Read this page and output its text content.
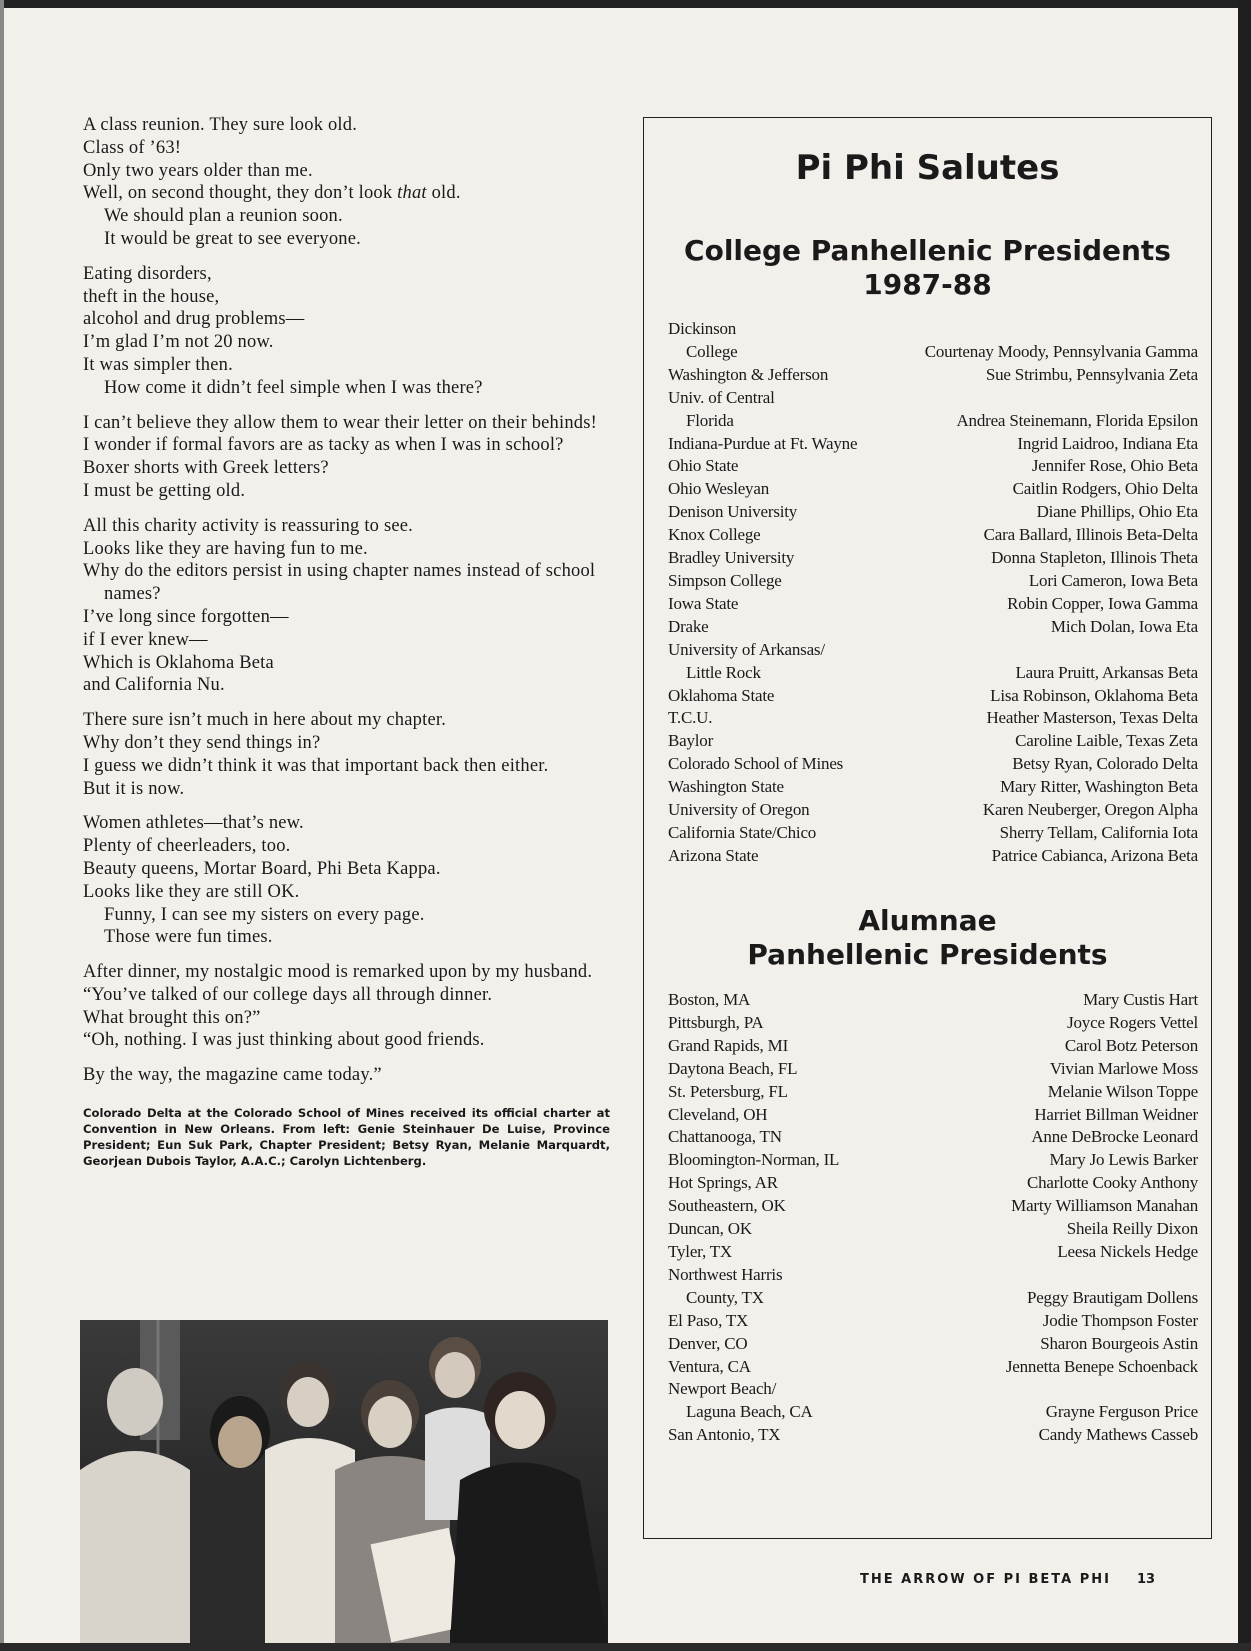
A class reunion. They sure look old.
Class of ’63!
Only two years older than me.
Well, on second thought, they don’t look that old.
We should plan a reunion soon.
It would be great to see everyone.
Eating disorders,
theft in the house,
alcohol and drug problems—
I’m glad I’m not 20 now.
It was simpler then.
How come it didn’t feel simple when I was there?
I can’t believe they allow them to wear their letter on their behinds!
I wonder if formal favors are as tacky as when I was in school?
Boxer shorts with Greek letters?
I must be getting old.
All this charity activity is reassuring to see.
Looks like they are having fun to me.
Why do the editors persist in using chapter names instead of school names?
I’ve long since forgotten—
if I ever knew—
Which is Oklahoma Beta
and California Nu.
There sure isn’t much in here about my chapter.
Why don’t they send things in?
I guess we didn’t think it was that important back then either.
But it is now.
Women athletes—that’s new.
Plenty of cheerleaders, too.
Beauty queens, Mortar Board, Phi Beta Kappa.
Looks like they are still OK.
Funny, I can see my sisters on every page.
Those were fun times.
After dinner, my nostalgic mood is remarked upon by my husband.
“You’ve talked of our college days all through dinner.
What brought this on?”
“Oh, nothing. I was just thinking about good friends.
By the way, the magazine came today.”
Colorado Delta at the Colorado School of Mines received its official charter at Convention in New Orleans. From left: Genie Steinhauer De Luise, Province President; Eun Suk Park, Chapter President; Betsy Ryan, Melanie Marquardt, Georjean Dubois Taylor, A.A.C.; Carolyn Lichtenberg.
Pi Phi Salutes
College Panhellenic Presidents
1987-88
Dickinson
College	Courtenay Moody, Pennsylvania Gamma
Washington & Jefferson	Sue Strimbu, Pennsylvania Zeta
Univ. of Central
Florida	Andrea Steinemann, Florida Epsilon
Indiana-Purdue at Ft. Wayne	Ingrid Laidroo, Indiana Eta
Ohio State	Jennifer Rose, Ohio Beta
Ohio Wesleyan	Caitlin Rodgers, Ohio Delta
Denison University	Diane Phillips, Ohio Eta
Knox College	Cara Ballard, Illinois Beta-Delta
Bradley University	Donna Stapleton, Illinois Theta
Simpson College	Lori Cameron, Iowa Beta
Iowa State	Robin Copper, Iowa Gamma
Drake	Mich Dolan, Iowa Eta
University of Arkansas/
Little Rock	Laura Pruitt, Arkansas Beta
Oklahoma State	Lisa Robinson, Oklahoma Beta
T.C.U.	Heather Masterson, Texas Delta
Baylor	Caroline Laible, Texas Zeta
Colorado School of Mines	Betsy Ryan, Colorado Delta
Washington State	Mary Ritter, Washington Beta
University of Oregon	Karen Neuberger, Oregon Alpha
California State/Chico	Sherry Tellam, California Iota
Arizona State	Patrice Cabianca, Arizona Beta
Alumnae
Panhellenic Presidents
Boston, MA	Mary Custis Hart
Pittsburgh, PA	Joyce Rogers Vettel
Grand Rapids, MI	Carol Botz Peterson
Daytona Beach, FL	Vivian Marlowe Moss
St. Petersburg, FL	Melanie Wilson Toppe
Cleveland, OH	Harriet Billman Weidner
Chattanooga, TN	Anne DeBrocke Leonard
Bloomington-Norman, IL	Mary Jo Lewis Barker
Hot Springs, AR	Charlotte Cooky Anthony
Southeastern, OK	Marty Williamson Manahan
Duncan, OK	Sheila Reilly Dixon
Tyler, TX	Leesa Nickels Hedge
Northwest Harris
County, TX	Peggy Brautigam Dollens
El Paso, TX	Jodie Thompson Foster
Denver, CO	Sharon Bourgeois Astin
Ventura, CA	Jennetta Benepe Schoenback
Newport Beach/
Laguna Beach, CA	Grayne Ferguson Price
San Antonio, TX	Candy Mathews Casseb
THE ARROW OF PI BETA PHI 13
